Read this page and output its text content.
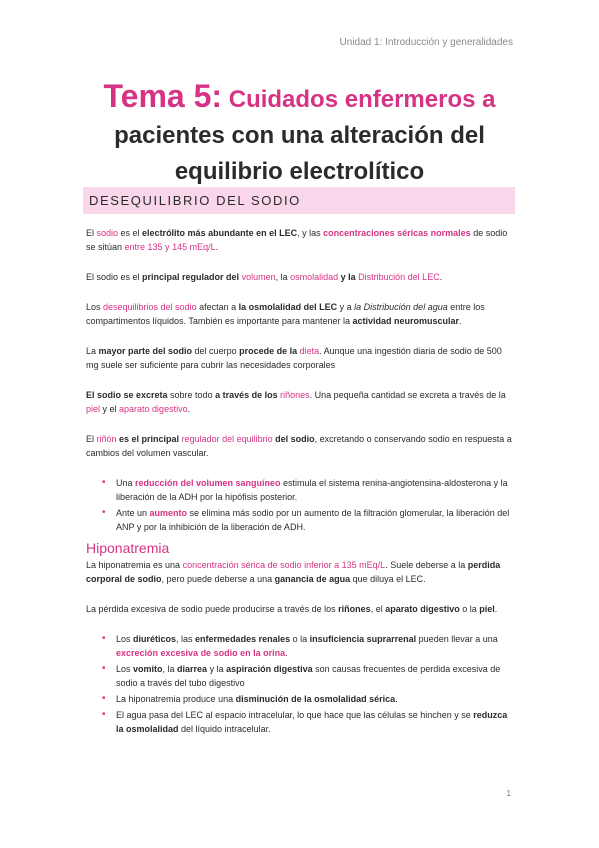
Unidad 1: Introducción y generalidades
Tema 5: Cuidados enfermeros a
pacientes con una alteración del
equilibrio electrolítico
DESEQUILIBRIO DEL SODIO

El sodio es el electrólito más abundante en el LEC, y las concentraciones séricas normales de sodio se sitúan entre 135 y 145 mEq/L.

El sodio es el principal regulador del volumen, la osmolalidad y la Distribución del LEC.

Los desequilibrios del sodio afectan a la osmolalidad del LEC y a la Distribución del agua entre los compartimentos líquidos. También es importante para mantener la actividad neuromuscular.

La mayor parte del sodio del cuerpo procede de la dieta. Aunque una ingestión diaria de sodio de 500 mg suele ser suficiente para cubrir las necesidades corporales

El sodio se excreta sobre todo a través de los riñones. Una pequeña cantidad se excreta a través de la piel y el aparato digestivo.

El riñón es el principal regulador del equilibrio del sodio, excretando o conservando sodio en respuesta a cambios del volumen vascular.

• Una reducción del volumen sanguíneo estimula el sistema renina-angiotensina-aldosterona y la liberación de la ADH por la hipófisis posterior.
• Ante un aumento se elimina más sodio por un aumento de la filtración glomerular, la liberación del ANP y por la inhibición de la liberación de ADH.
Hiponatremia

La hiponatremia es una concentración sérica de sodio inferior a 135 mEq/L. Suele deberse a la perdida corporal de sodio, pero puede deberse a una ganancia de agua que diluya el LEC.

La pérdida excesiva de sodio puede producirse a través de los riñones, el aparato digestivo o la piel.

• Los diuréticos, las enfermedades renales o la insuficiencia suprarrenal pueden llevar a una excreción excesiva de sodio en la orina.
• Los vomito, la diarrea y la aspiración digestiva son causas frecuentes de perdida excesiva de sodio a través del tubo digestivo
• La hiponatremia produce una disminución de la osmolalidad sérica.
• El agua pasa del LEC al espacio intracelular, lo que hace que las células se hinchen y se reduzca la osmolalidad del líquido intracelular.
1
